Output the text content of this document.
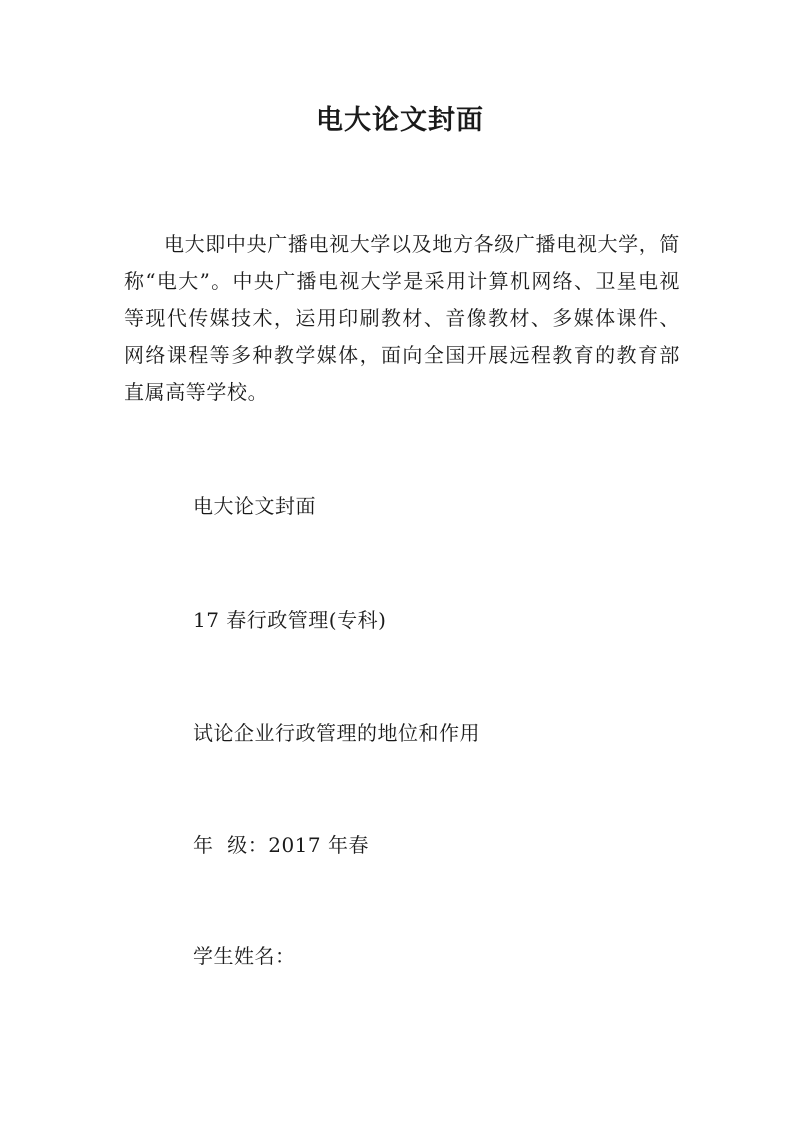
电大论文封面

电大即中央广播电视大学以及地方各级广播电视大学，简称“电大”。中央广播电视大学是采用计算机网络、卫星电视等现代传媒技术，运用印刷教材、音像教材、多媒体课件、网络课程等多种教学媒体，面向全国开展远程教育的教育部直属高等学校。

电大论文封面

17 春行政管理(专科)

试论企业行政管理的地位和作用

年  级：2017 年春

学生姓名：
